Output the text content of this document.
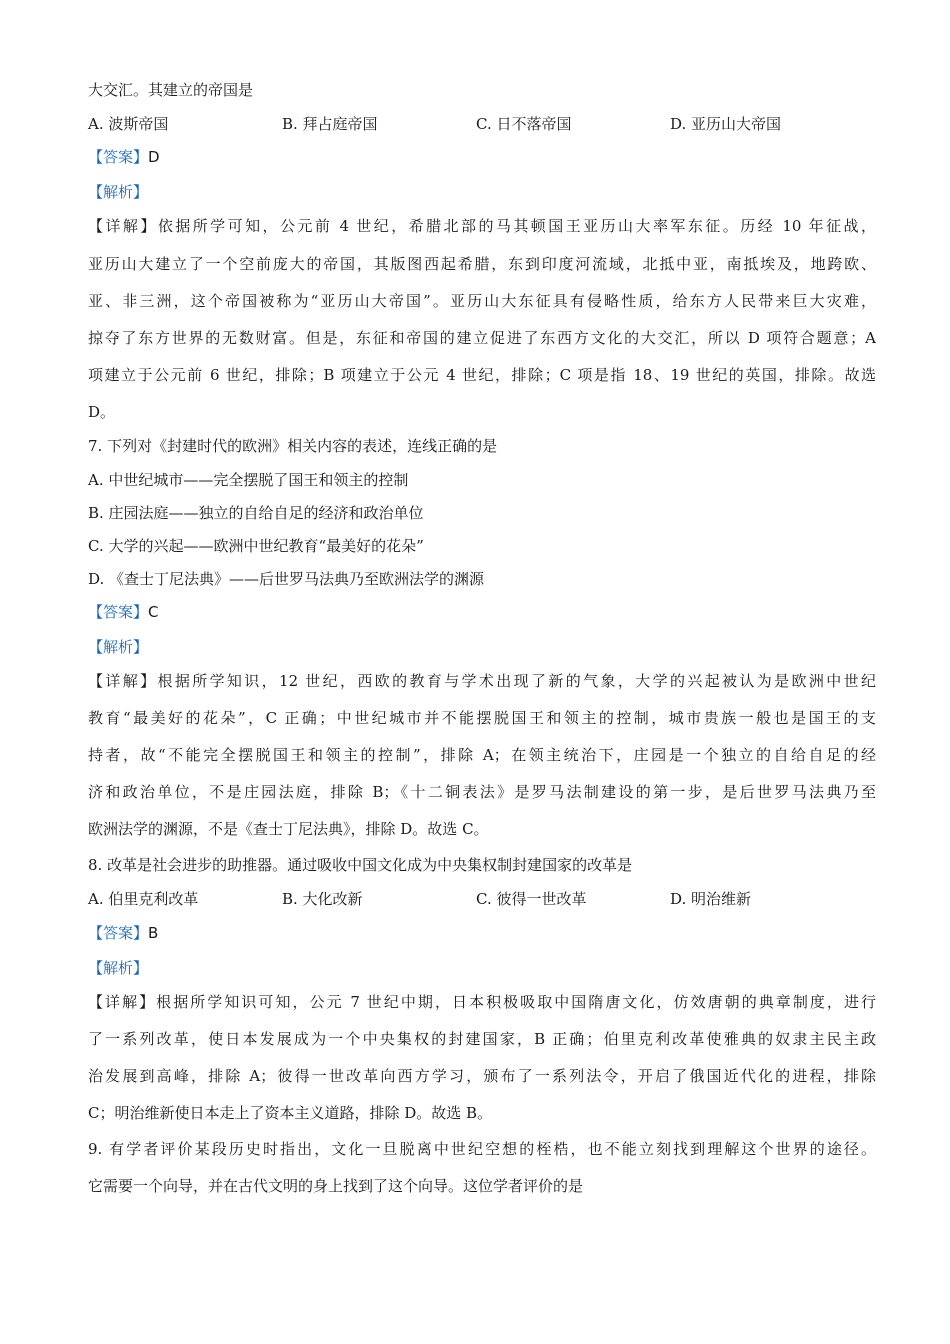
大交汇。其建立的帝国是
A. 波斯帝国	B. 拜占庭帝国	C. 日不落帝国	D. 亚历山大帝国
【答案】D
【解析】
【详解】依据所学可知，公元前 4 世纪，希腊北部的马其顿国王亚历山大率军东征。历经 10 年征战，
亚历山大建立了一个空前庞大的帝国，其版图西起希腊，东到印度河流域，北抵中亚，南抵埃及，地跨欧、
亚、非三洲，这个帝国被称为“亚历山大帝国”。亚历山大东征具有侵略性质，给东方人民带来巨大灾难，
掠夺了东方世界的无数财富。但是，东征和帝国的建立促进了东西方文化的大交汇，所以 D 项符合题意；A
项建立于公元前 6 世纪，排除；B 项建立于公元 4 世纪，排除；C 项是指 18、19 世纪的英国，排除。故选
D。
7. 下列对《封建时代的欧洲》相关内容的表述，连线正确的是
A. 中世纪城市——完全摆脱了国王和领主的控制
B. 庄园法庭——独立的自给自足的经济和政治单位
C. 大学的兴起——欧洲中世纪教育“最美好的花朵”
D. 《查士丁尼法典》——后世罗马法典乃至欧洲法学的渊源
【答案】C
【解析】
【详解】根据所学知识，12 世纪，西欧的教育与学术出现了新的气象，大学的兴起被认为是欧洲中世纪
教育“最美好的花朵”，C 正确；中世纪城市并不能摆脱国王和领主的控制，城市贵族一般也是国王的支
持者，故“不能完全摆脱国王和领主的控制”，排除 A；在领主统治下，庄园是一个独立的自给自足的经
济和政治单位，不是庄园法庭，排除 B；《十二铜表法》是罗马法制建设的第一步，是后世罗马法典乃至
欧洲法学的渊源，不是《查士丁尼法典》，排除 D。故选 C。
8. 改革是社会进步的助推器。通过吸收中国文化成为中央集权制封建国家的改革是
A. 伯里克利改革	B. 大化改新	C. 彼得一世改革	D. 明治维新
【答案】B
【解析】
【详解】根据所学知识可知，公元 7 世纪中期，日本积极吸取中国隋唐文化，仿效唐朝的典章制度，进行
了一系列改革，使日本发展成为一个中央集权的封建国家，B 正确；伯里克利改革使雅典的奴隶主民主政
治发展到高峰，排除 A；彼得一世改革向西方学习，颁布了一系列法令，开启了俄国近代化的进程，排除
C；明治维新使日本走上了资本主义道路，排除 D。故选 B。
9. 有学者评价某段历史时指出，文化一旦脱离中世纪空想的桎梏，也不能立刻找到理解这个世界的途径。
它需要一个向导，并在古代文明的身上找到了这个向导。这位学者评价的是
